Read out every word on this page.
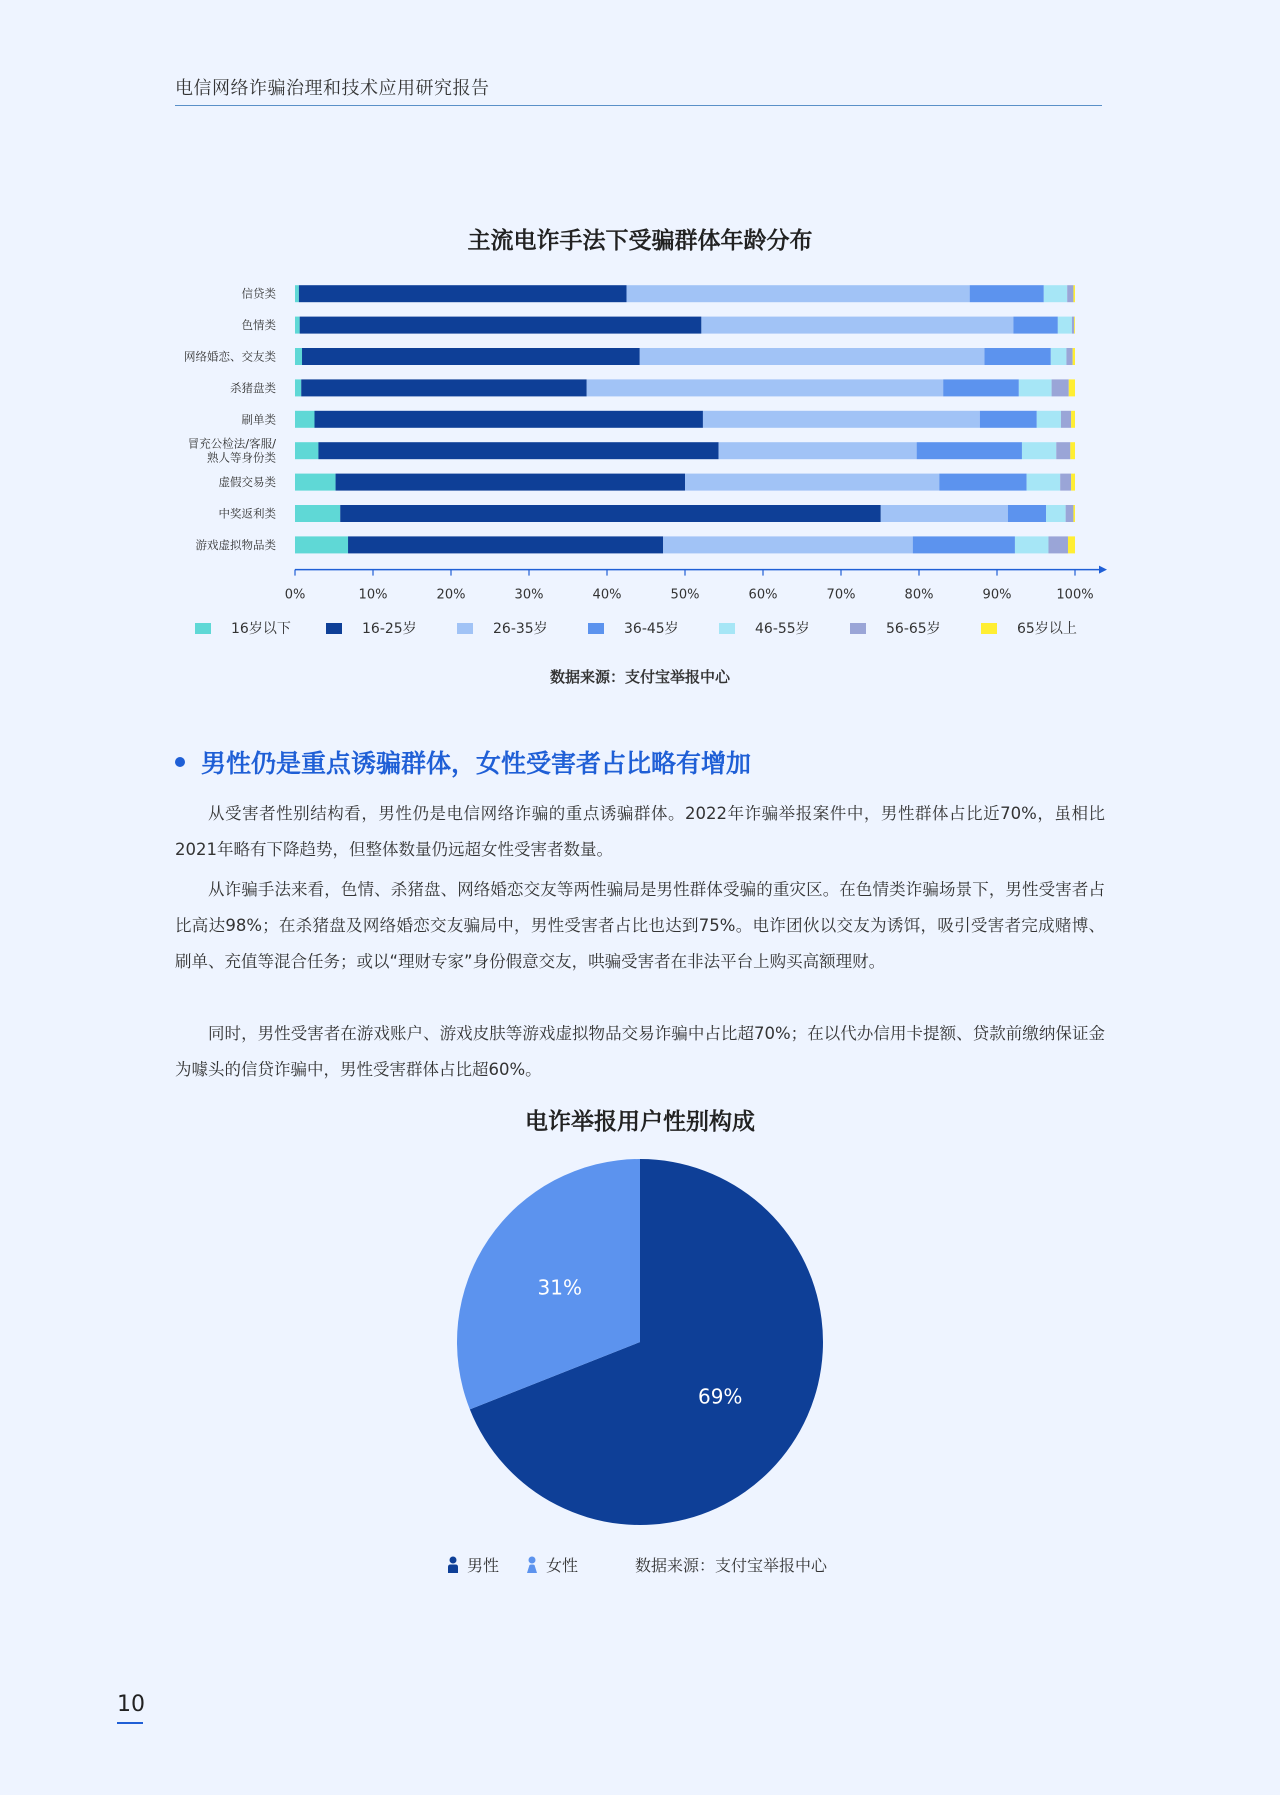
电信网络诈骗治理和技术应用研究报告
主流电诈手法下受骗群体年龄分布
信贷类
色情类
网络婚恋、交友类
杀猪盘类
刷单类
冒充公检法/客服/熟人等身份类
虚假交易类
中奖返利类
游戏虚拟物品类
0%	10%	20%	30%	40%	50%	60%	70%	80%	90%	100%
16岁以下	16-25岁	26-35岁	36-45岁	46-55岁	56-65岁	65岁以上
数据来源：支付宝举报中心
男性仍是重点诱骗群体，女性受害者占比略有增加

从受害者性别结构看，男性仍是电信网络诈骗的重点诱骗群体。2022年诈骗举报案件中，男性群体占比近70%，虽相比2021年略有下降趋势，但整体数量仍远超女性受害者数量。

从诈骗手法来看，色情、杀猪盘、网络婚恋交友等两性骗局是男性群体受骗的重灾区。在色情类诈骗场景下，男性受害者占比高达98%；在杀猪盘及网络婚恋交友骗局中，男性受害者占比也达到75%。电诈团伙以交友为诱饵，吸引受害者完成赌博、刷单、充值等混合任务；或以“理财专家”身份假意交友，哄骗受害者在非法平台上购买高额理财。

同时，男性受害者在游戏账户、游戏皮肤等游戏虚拟物品交易诈骗中占比超70%；在以代办信用卡提额、贷款前缴纳保证金为噱头的信贷诈骗中，男性受害群体占比超60%。

电诈举报用户性别构成
69%
31%
男性	女性	数据来源：支付宝举报中心
10
